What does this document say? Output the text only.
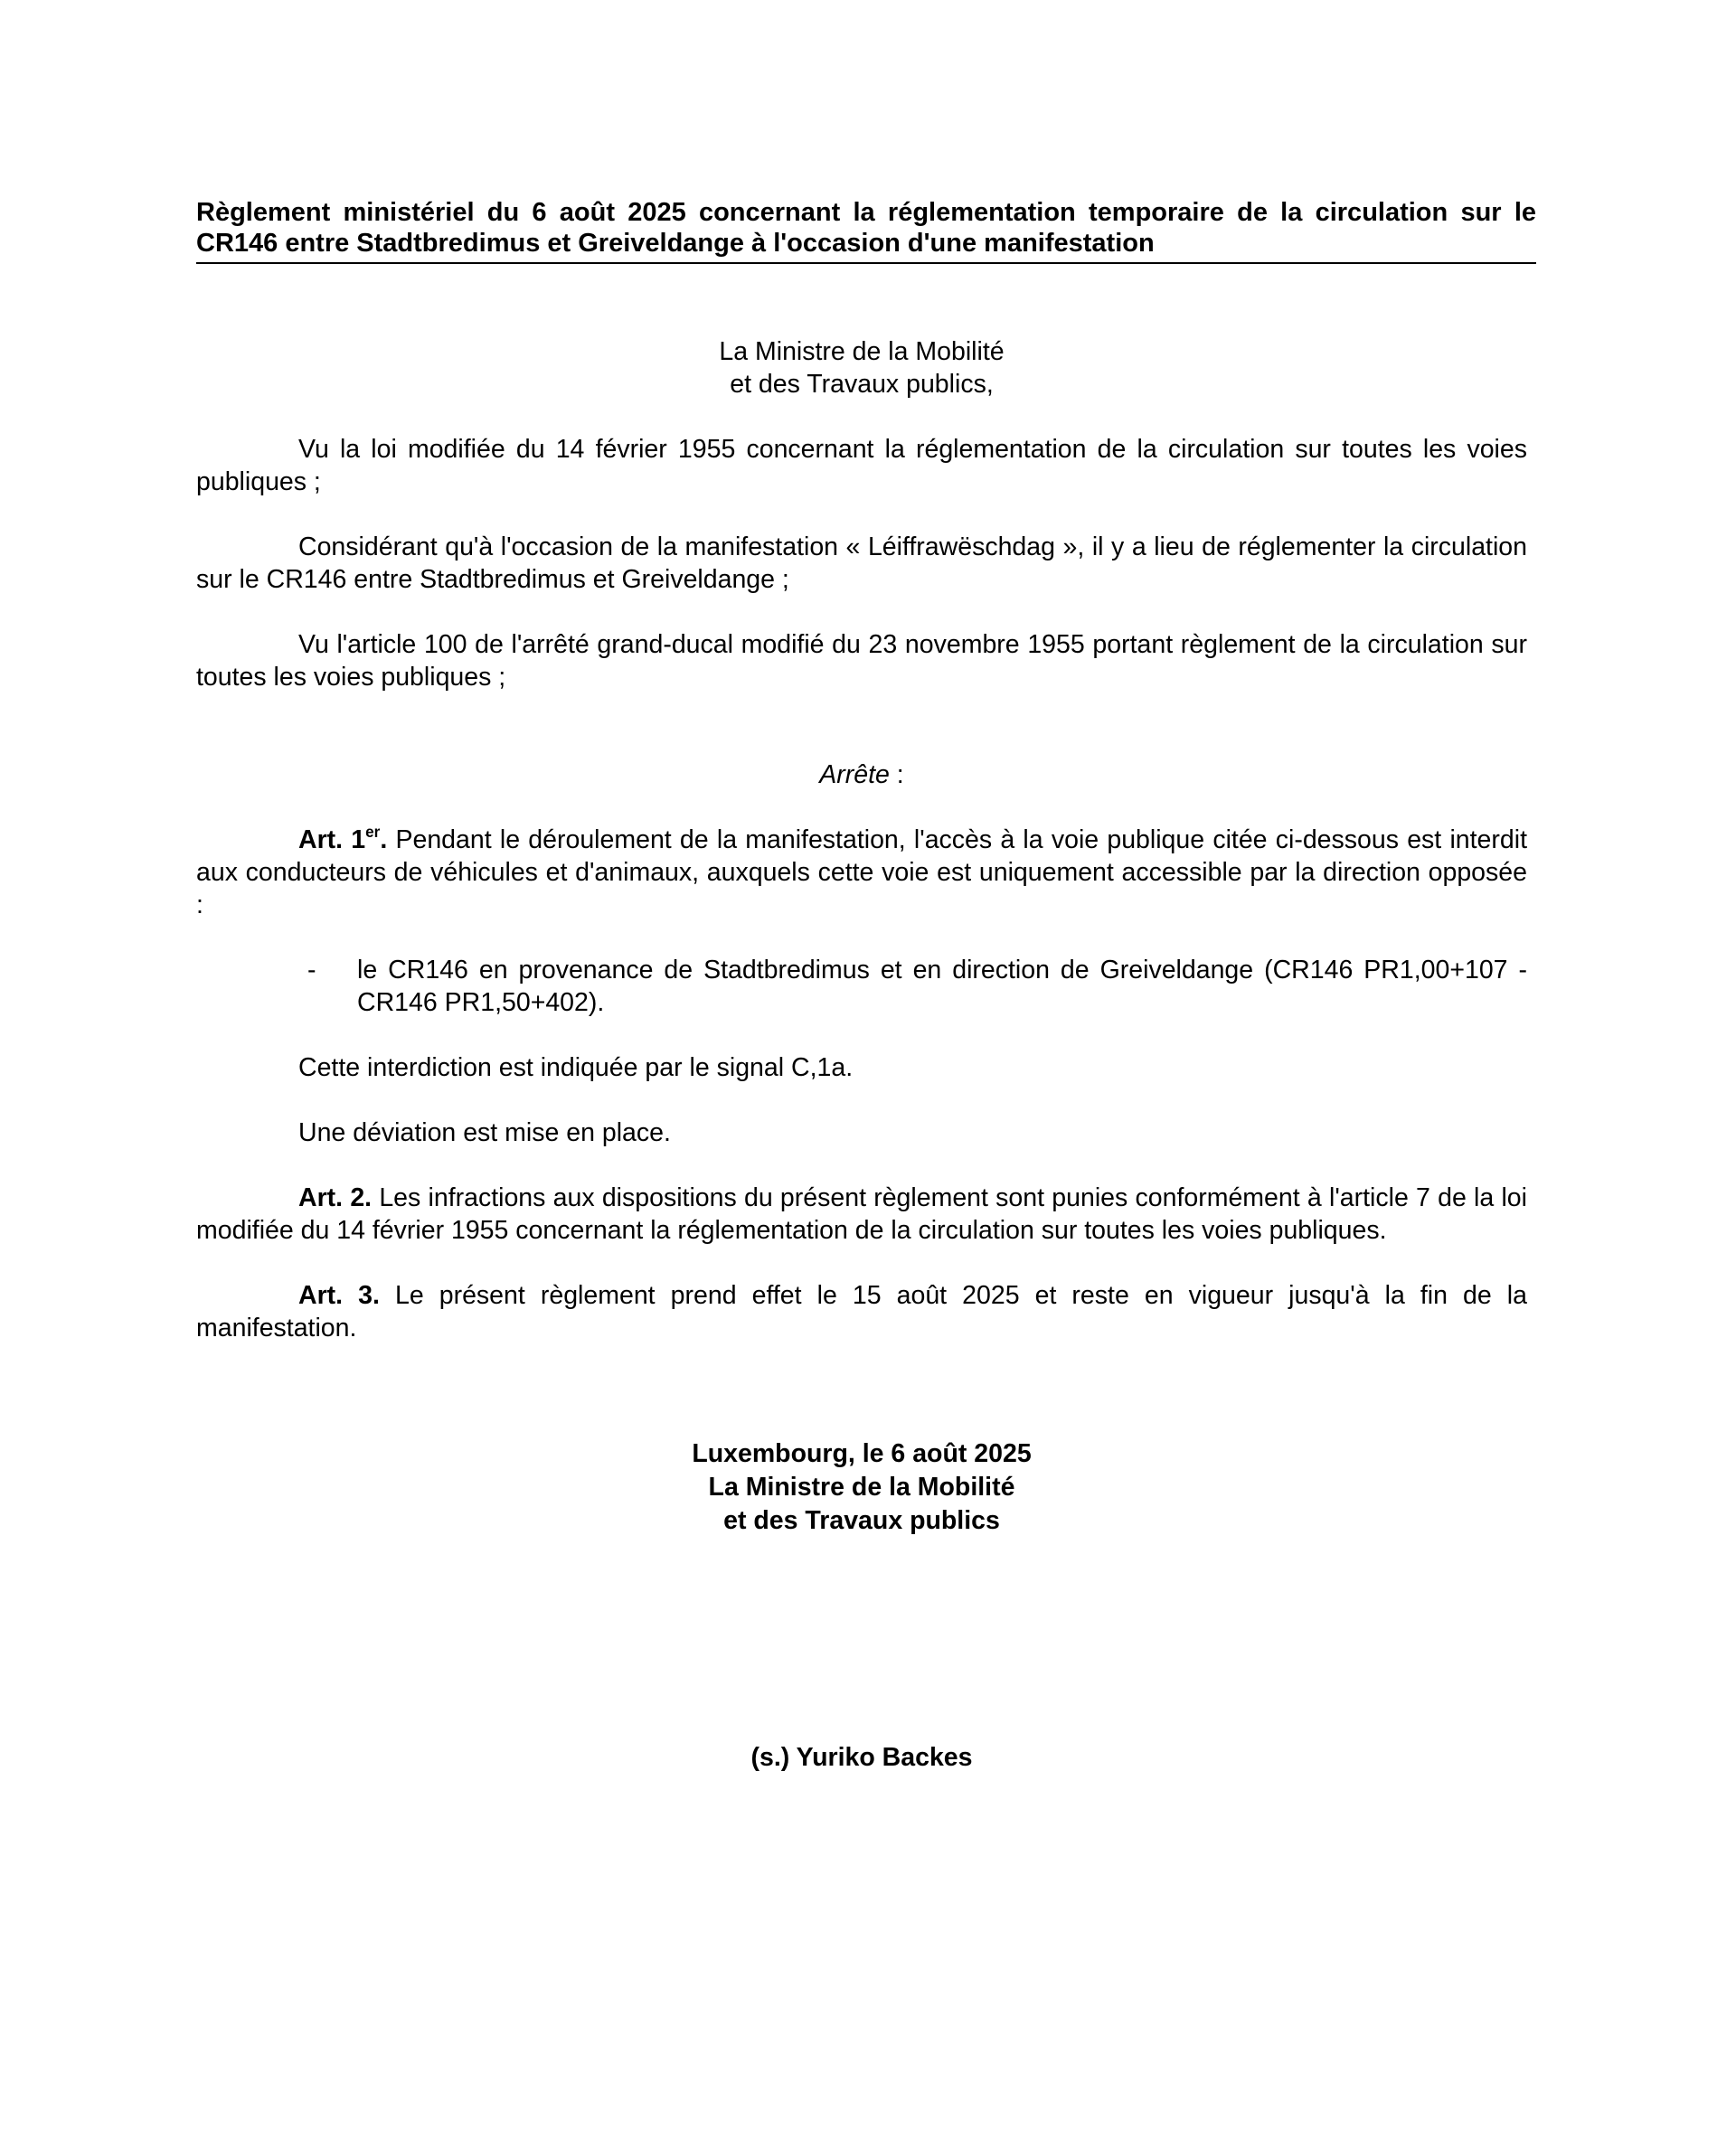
Règlement ministériel du 6 août 2025 concernant la réglementation temporaire de la circulation sur le CR146 entre Stadtbredimus et Greiveldange à l'occasion d'une manifestation
La Ministre de la Mobilité
et des Travaux publics,

Vu la loi modifiée du 14 février 1955 concernant la réglementation de la circulation sur toutes les voies publiques ;

Considérant qu'à l'occasion de la manifestation « Léiffrawëschdag », il y a lieu de réglementer la circulation sur le CR146 entre Stadtbredimus et Greiveldange ;

Vu l'article 100 de l'arrêté grand-ducal modifié du 23 novembre 1955 portant règlement de la circulation sur toutes les voies publiques ;

Arrête :

Art. 1er. Pendant le déroulement de la manifestation, l'accès à la voie publique citée ci-dessous est interdit aux conducteurs de véhicules et d'animaux, auxquels cette voie est uniquement accessible par la direction opposée :

- le CR146 en provenance de Stadtbredimus et en direction de Greiveldange (CR146 PR1,00+107 - CR146 PR1,50+402).

Cette interdiction est indiquée par le signal C,1a.

Une déviation est mise en place.

Art. 2. Les infractions aux dispositions du présent règlement sont punies conformément à l'article 7 de la loi modifiée du 14 février 1955 concernant la réglementation de la circulation sur toutes les voies publiques.

Art. 3. Le présent règlement prend effet le 15 août 2025 et reste en vigueur jusqu'à la fin de la manifestation.

Luxembourg, le 6 août 2025
La Ministre de la Mobilité
et des Travaux publics
(s.) Yuriko Backes
